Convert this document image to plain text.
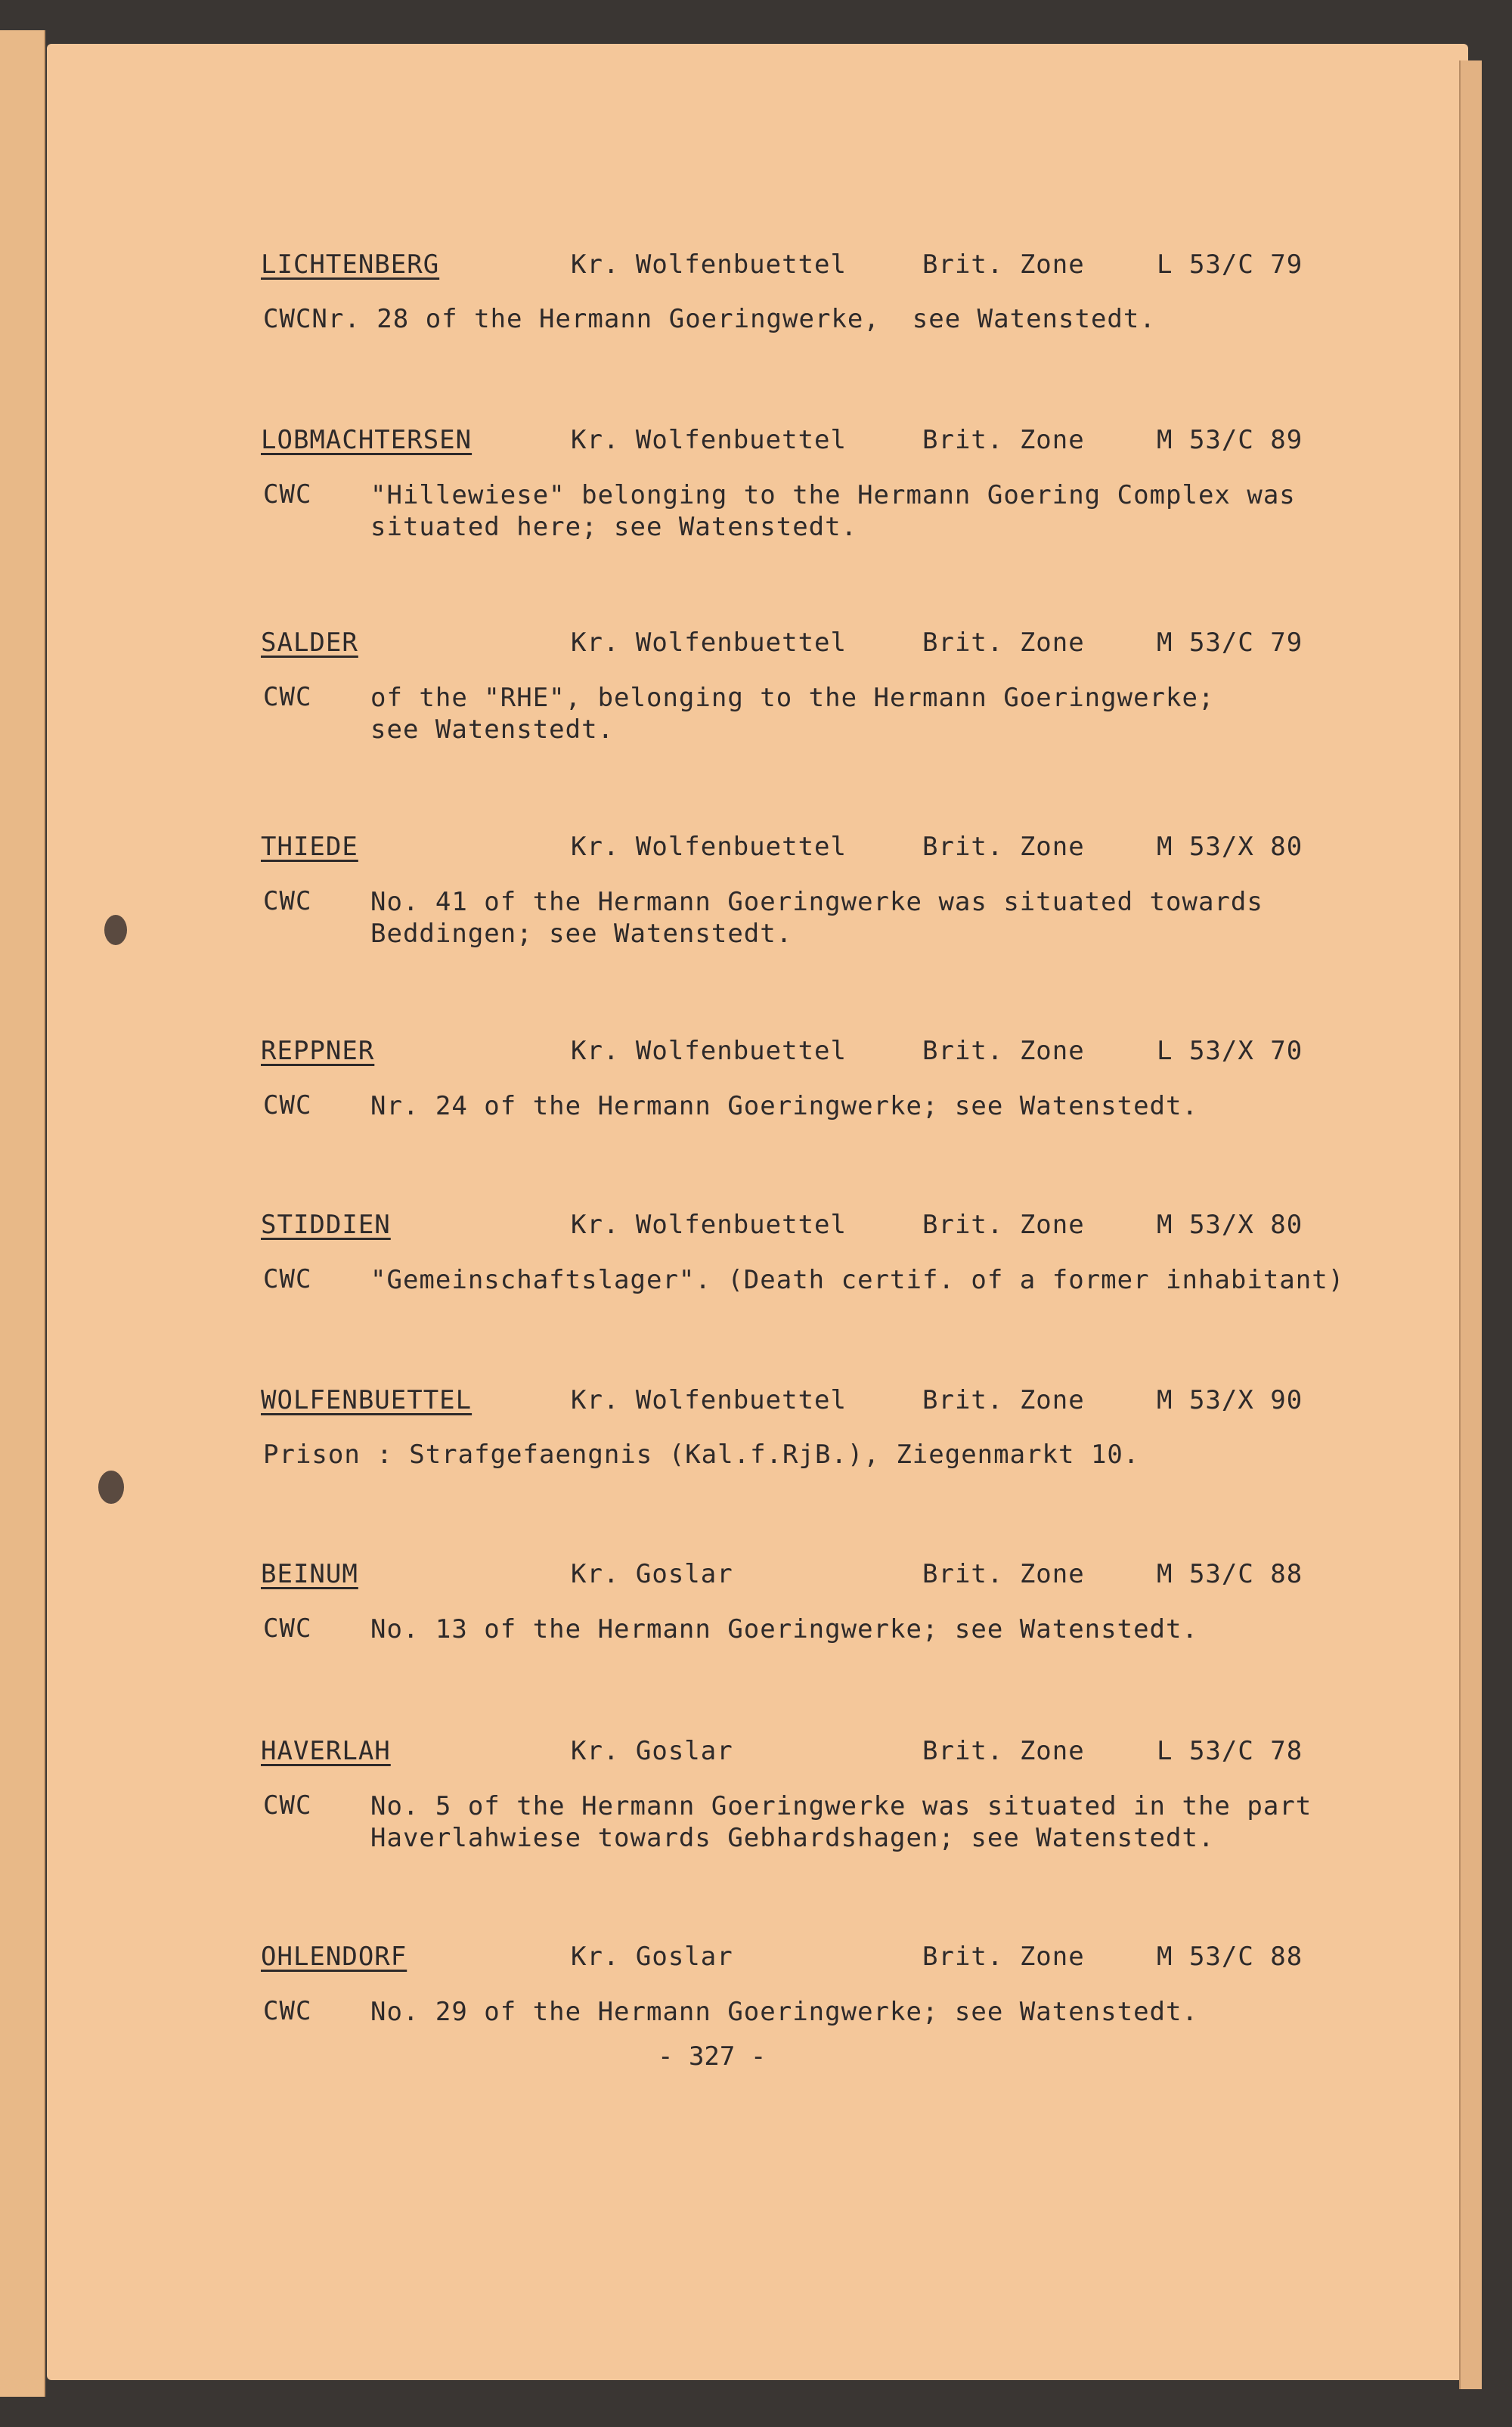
LICHTENBERG	Kr. Wolfenbuettel	Brit. Zone	L 53/C 79
CWCNr. 28 of the Hermann Goeringwerke,  see Watenstedt.
LOBMACHTERSEN	Kr. Wolfenbuettel	Brit. Zone	M 53/C 89
CWC "Hillewiese" belonging to the Hermann Goering Complex was
situated here; see Watenstedt.
SALDER	Kr. Wolfenbuettel	Brit. Zone	M 53/C 79
CWC of the "RHE", belonging to the Hermann Goeringwerke;
see Watenstedt.
THIEDE	Kr. Wolfenbuettel	Brit. Zone	M 53/X 80
CWC No. 41 of the Hermann Goeringwerke was situated towards
Beddingen; see Watenstedt.
REPPNER	Kr. Wolfenbuettel	Brit. Zone	L 53/X 70
CWC Nr. 24 of the Hermann Goeringwerke; see Watenstedt.
STIDDIEN	Kr. Wolfenbuettel	Brit. Zone	M 53/X 80
CWC "Gemeinschaftslager". (Death certif. of a former inhabitant)
WOLFENBUETTEL	Kr. Wolfenbuettel	Brit. Zone	M 53/X 90
Prison : Strafgefaengnis (Kal.f.RjB.), Ziegenmarkt 10.
BEINUM	Kr. Goslar	Brit. Zone	M 53/C 88
CWC No. 13 of the Hermann Goeringwerke; see Watenstedt.
HAVERLAH	Kr. Goslar	Brit. Zone	L 53/C 78
CWC No. 5 of the Hermann Goeringwerke was situated in the part
Haverlahwiese towards Gebhardshagen; see Watenstedt.
OHLENDORF	Kr. Goslar	Brit. Zone	M 53/C 88
CWC No. 29 of the Hermann Goeringwerke; see Watenstedt.
- 327 -
